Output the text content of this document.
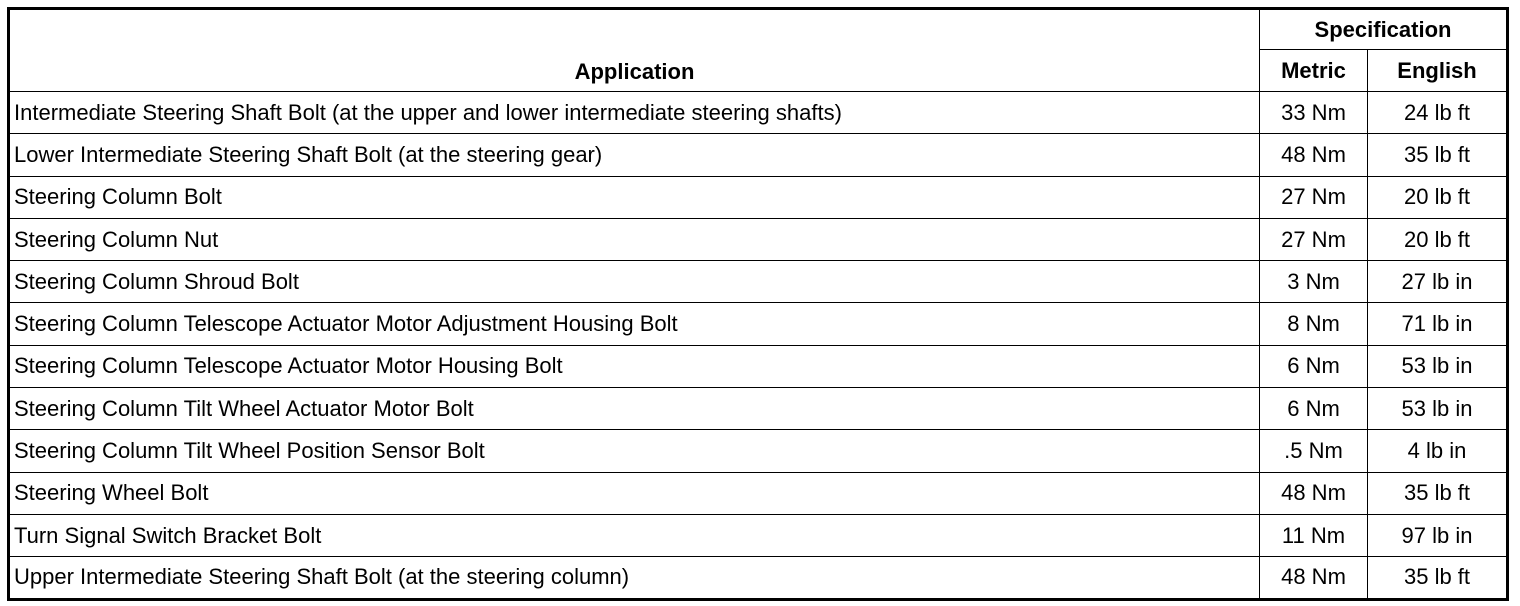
Application	Specification	
	Metric	English
Intermediate Steering Shaft Bolt (at the upper and lower intermediate steering shafts)	33 Nm	24 lb ft
Lower Intermediate Steering Shaft Bolt (at the steering gear)	48 Nm	35 lb ft
Steering Column Bolt	27 Nm	20 lb ft
Steering Column Nut	27 Nm	20 lb ft
Steering Column Shroud Bolt	3 Nm	27 lb in
Steering Column Telescope Actuator Motor Adjustment Housing Bolt	8 Nm	71 lb in
Steering Column Telescope Actuator Motor Housing Bolt	6 Nm	53 lb in
Steering Column Tilt Wheel Actuator Motor Bolt	6 Nm	53 lb in
Steering Column Tilt Wheel Position Sensor Bolt	.5 Nm	4 lb in
Steering Wheel Bolt	48 Nm	35 lb ft
Turn Signal Switch Bracket Bolt	11 Nm	97 lb in
Upper Intermediate Steering Shaft Bolt (at the steering column)	48 Nm	35 lb ft
